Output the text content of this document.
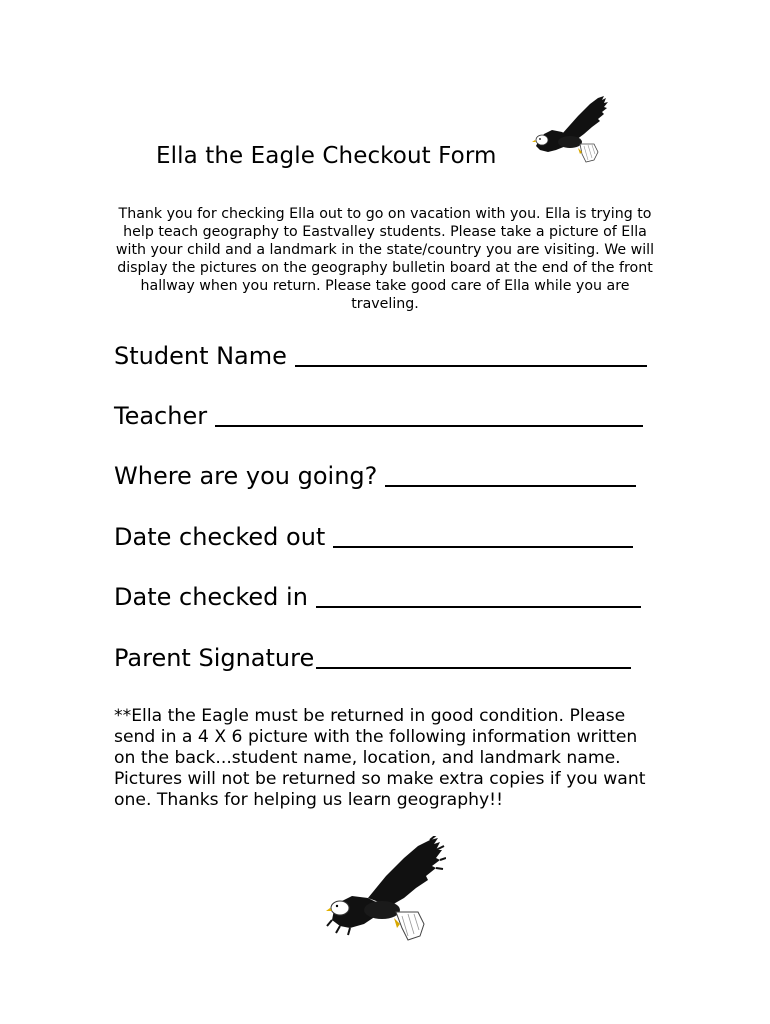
Ella the Eagle Checkout Form

Thank you for checking Ella out to go on vacation with you. Ella is trying to help teach geography to Eastvalley students. Please take a picture of Ella with your child and a landmark in the state/country you are visiting. We will display the pictures on the geography bulletin board at the end of the front hallway when you return. Please take good care of Ella while you are traveling.

Student Name
Teacher
Where are you going?
Date checked out
Date checked in
Parent Signature

**Ella the Eagle must be returned in good condition. Please send in a 4 X 6 picture with the following information written on the back...student name, location, and landmark name. Pictures will not be returned so make extra copies if you want one. Thanks for helping us learn geography!!
